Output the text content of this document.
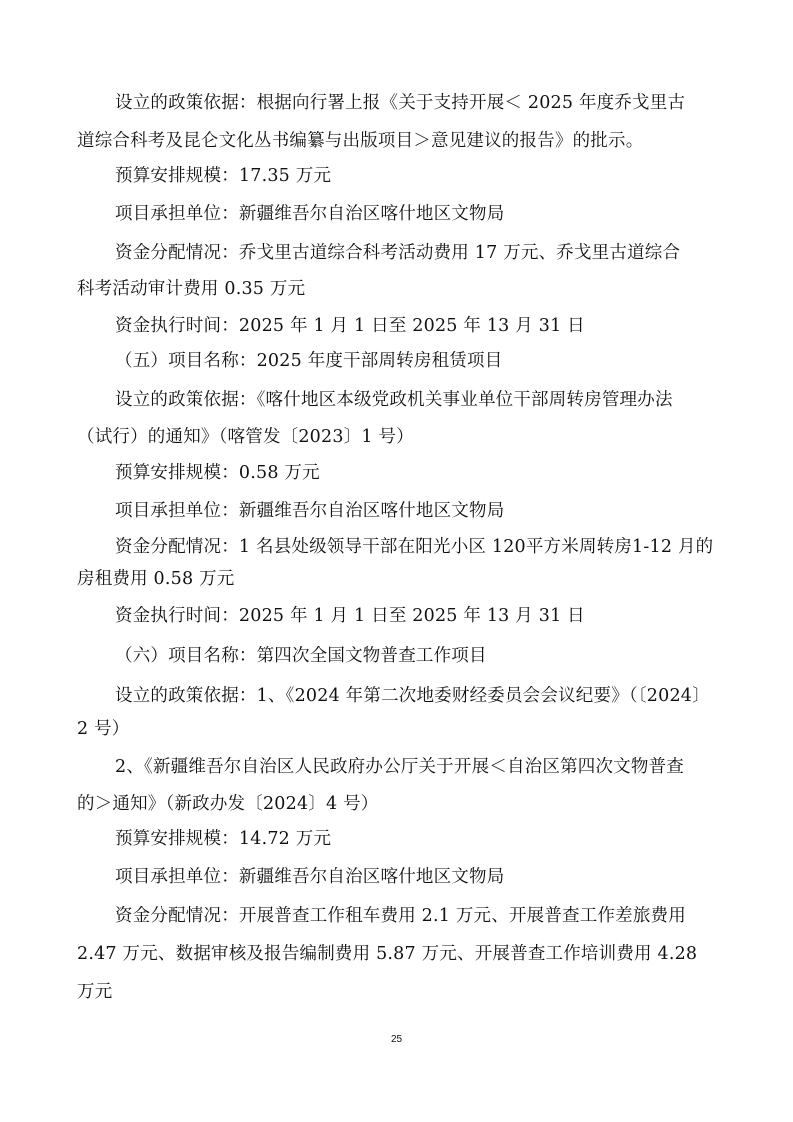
设立的政策依据：根据向行署上报《关于支持开展＜ 2025 年度乔戈里古
道综合科考及昆仑文化丛书编纂与出版项目＞意见建议的报告》的批示。
预算安排规模：17.35 万元
项目承担单位：新疆维吾尔自治区喀什地区文物局
资金分配情况：乔戈里古道综合科考活动费用 17 万元、乔戈里古道综合
科考活动审计费用 0.35 万元
资金执行时间：2025 年 1 月 1 日至 2025 年 13 月 31 日
（五）项目名称：2025 年度干部周转房租赁项目
设立的政策依据：《喀什地区本级党政机关事业单位干部周转房管理办法
（试行）的通知》（喀管发〔2023〕1 号）
预算安排规模：0.58 万元
项目承担单位：新疆维吾尔自治区喀什地区文物局
资金分配情况：1 名县处级领导干部在阳光小区 120平方米周转房1-12 月的
房租费用 0.58 万元
资金执行时间：2025 年 1 月 1 日至 2025 年 13 月 31 日
（六）项目名称：第四次全国文物普查工作项目
设立的政策依据：1、《2024 年第二次地委财经委员会会议纪要》（〔2024〕
2 号）
2、《新疆维吾尔自治区人民政府办公厅关于开展＜自治区第四次文物普查
的＞通知》（新政办发〔2024〕4 号）
预算安排规模：14.72 万元
项目承担单位：新疆维吾尔自治区喀什地区文物局
资金分配情况：开展普查工作租车费用 2.1 万元、开展普查工作差旅费用
2.47 万元、数据审核及报告编制费用 5.87 万元、开展普查工作培训费用 4.28
万元
25
